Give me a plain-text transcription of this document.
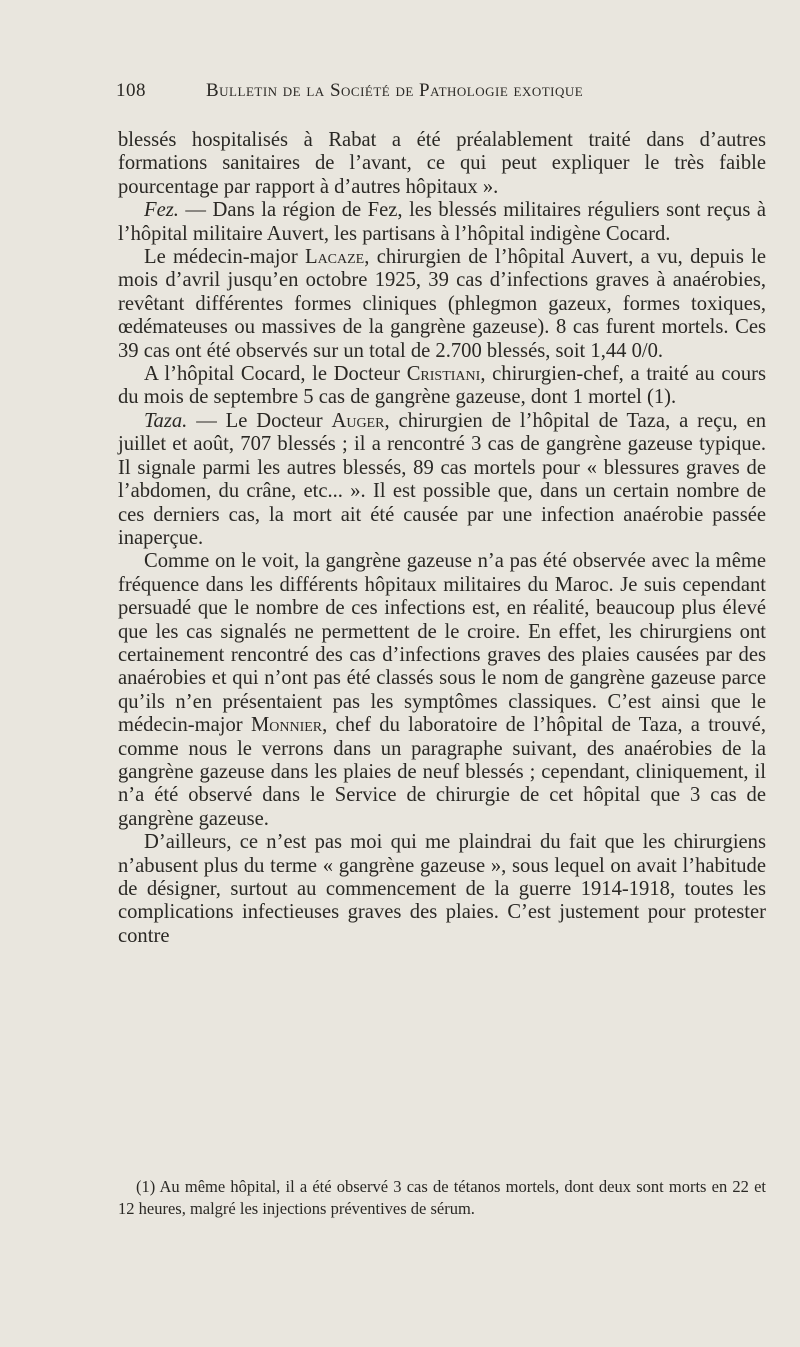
108	Bulletin de la Société de Pathologie exotique

blessés hospitalisés à Rabat a été préalablement traité dans d’autres formations sanitaires de l’avant, ce qui peut expliquer le très faible pourcentage par rapport à d’autres hôpitaux ».

Fez. — Dans la région de Fez, les blessés militaires réguliers sont reçus à l’hôpital militaire Auvert, les partisans à l’hôpital indigène Cocard.

Le médecin-major Lacaze, chirurgien de l’hôpital Auvert, a vu, depuis le mois d’avril jusqu’en octobre 1925, 39 cas d’infections graves à anaérobies, revêtant différentes formes cliniques (phlegmon gazeux, formes toxiques, œdémateuses ou massives de la gangrène gazeuse). 8 cas furent mortels. Ces 39 cas ont été observés sur un total de 2.700 blessés, soit 1,44 0/0.

A l’hôpital Cocard, le Docteur Cristiani, chirurgien-chef, a traité au cours du mois de septembre 5 cas de gangrène gazeuse, dont 1 mortel (1).

Taza. — Le Docteur Auger, chirurgien de l’hôpital de Taza, a reçu, en juillet et août, 707 blessés ; il a rencontré 3 cas de gangrène gazeuse typique. Il signale parmi les autres blessés, 89 cas mortels pour « blessures graves de l’abdomen, du crâne, etc... ». Il est possible que, dans un certain nombre de ces derniers cas, la mort ait été causée par une infection anaérobie passée inaperçue.

Comme on le voit, la gangrène gazeuse n’a pas été observée avec la même fréquence dans les différents hôpitaux militaires du Maroc. Je suis cependant persuadé que le nombre de ces infections est, en réalité, beaucoup plus élevé que les cas signalés ne permettent de le croire. En effet, les chirurgiens ont certainement rencontré des cas d’infections graves des plaies causées par des anaérobies et qui n’ont pas été classés sous le nom de gangrène gazeuse parce qu’ils n’en présentaient pas les symptômes classiques. C’est ainsi que le médecin-major Monnier, chef du laboratoire de l’hôpital de Taza, a trouvé, comme nous le verrons dans un paragraphe suivant, des anaérobies de la gangrène gazeuse dans les plaies de neuf blessés ; cependant, cliniquement, il n’a été observé dans le Service de chirurgie de cet hôpital que 3 cas de gangrène gazeuse.

D’ailleurs, ce n’est pas moi qui me plaindrai du fait que les chirurgiens n’abusent plus du terme « gangrène gazeuse », sous lequel on avait l’habitude de désigner, surtout au commencement de la guerre 1914-1918, toutes les complications infectieuses graves des plaies. C’est justement pour protester contre

(1) Au même hôpital, il a été observé 3 cas de tétanos mortels, dont deux sont morts en 22 et 12 heures, malgré les injections préventives de sérum.
